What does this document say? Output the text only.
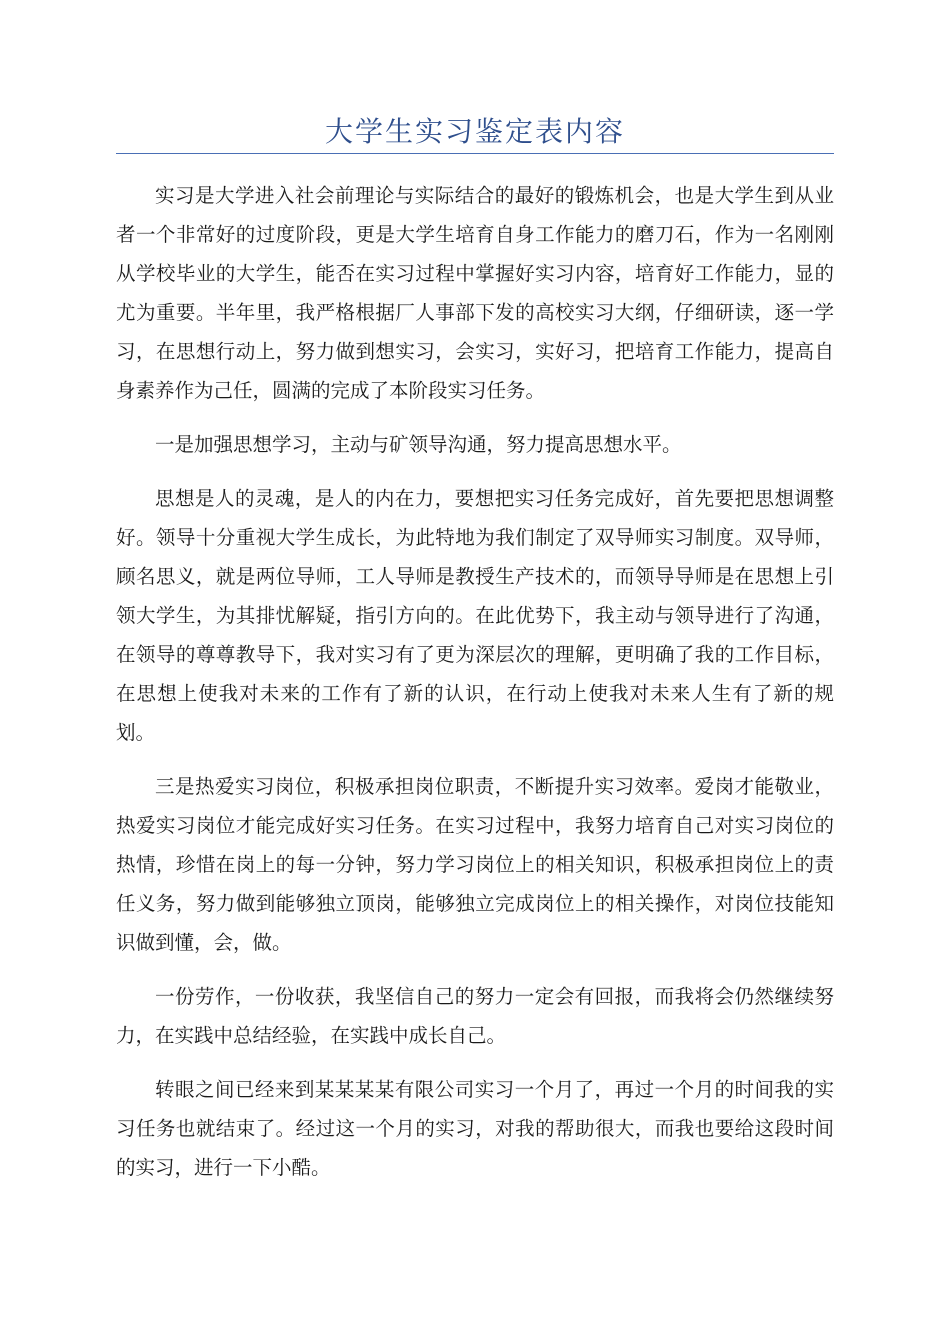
大学生实习鉴定表内容

实习是大学进入社会前理论与实际结合的最好的锻炼机会，也是大学生到从业者一个非常好的过度阶段，更是大学生培育自身工作能力的磨刀石，作为一名刚刚从学校毕业的大学生，能否在实习过程中掌握好实习内容，培育好工作能力，显的尤为重要。半年里，我严格根据厂人事部下发的高校实习大纲，仔细研读，逐一学习，在思想行动上，努力做到想实习，会实习，实好习，把培育工作能力，提高自身素养作为己任，圆满的完成了本阶段实习任务。

一是加强思想学习，主动与矿领导沟通，努力提高思想水平。

思想是人的灵魂，是人的内在力，要想把实习任务完成好，首先要把思想调整好。领导十分重视大学生成长，为此特地为我们制定了双导师实习制度。双导师，顾名思义，就是两位导师，工人导师是教授生产技术的，而领导导师是在思想上引领大学生，为其排忧解疑，指引方向的。在此优势下，我主动与领导进行了沟通，在领导的尊尊教导下，我对实习有了更为深层次的理解，更明确了我的工作目标，在思想上使我对未来的工作有了新的认识，在行动上使我对未来人生有了新的规划。

三是热爱实习岗位，积极承担岗位职责，不断提升实习效率。爱岗才能敬业，热爱实习岗位才能完成好实习任务。在实习过程中，我努力培育自己对实习岗位的热情，珍惜在岗上的每一分钟，努力学习岗位上的相关知识，积极承担岗位上的责任义务，努力做到能够独立顶岗，能够独立完成岗位上的相关操作，对岗位技能知识做到懂，会，做。

一份劳作，一份收获，我坚信自己的努力一定会有回报，而我将会仍然继续努力，在实践中总结经验，在实践中成长自己。

转眼之间已经来到某某某某有限公司实习一个月了，再过一个月的时间我的实习任务也就结束了。经过这一个月的实习，对我的帮助很大，而我也要给这段时间的实习，进行一下小酷。
